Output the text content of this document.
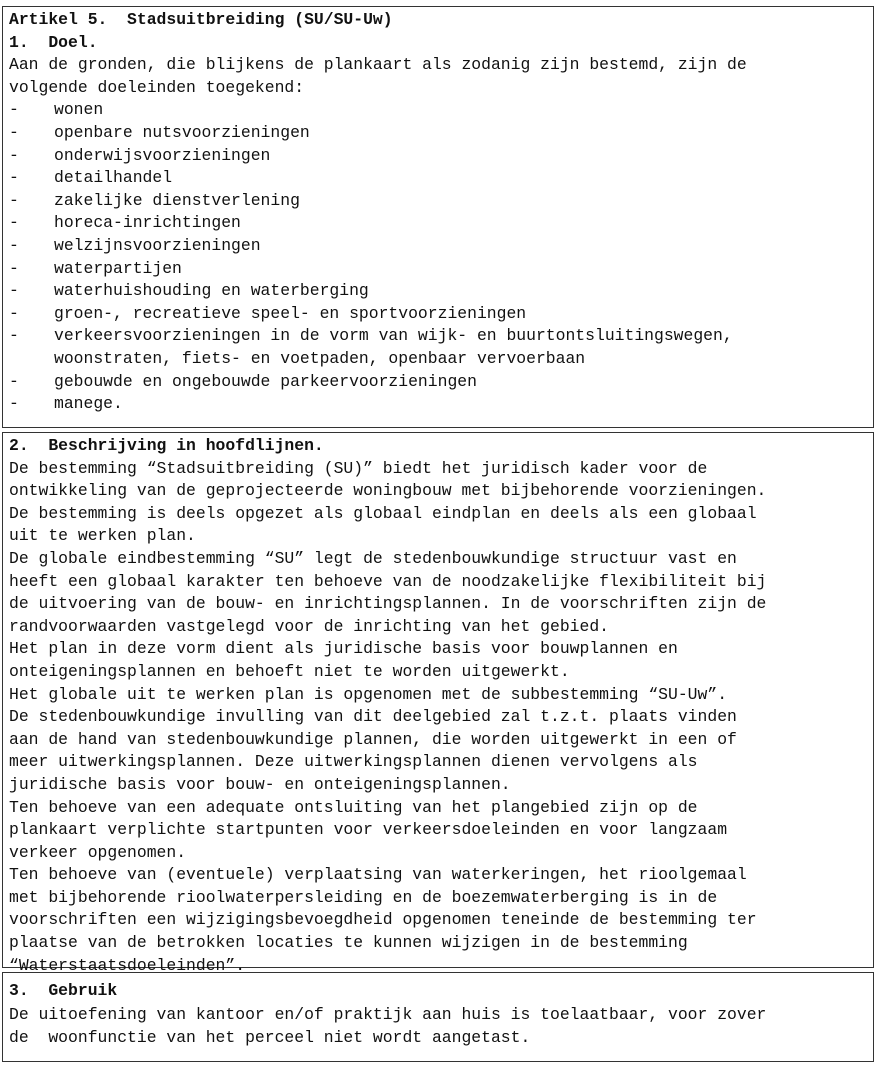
Artikel 5.  Stadsuitbreiding (SU/SU-Uw)
1.  Doel.
Aan de gronden, die blijkens de plankaart als zodanig zijn bestemd, zijn de
volgende doeleinden toegekend:
- wonen
- openbare nutsvoorzieningen
- onderwijsvoorzieningen
- detailhandel
- zakelijke dienstverlening
- horeca-inrichtingen
- welzijnsvoorzieningen
- waterpartijen
- waterhuishouding en waterberging
- groen-, recreatieve speel- en sportvoorzieningen
- verkeersvoorzieningen in de vorm van wijk- en buurtontsluitingswegen,
woonstraten, fiets- en voetpaden, openbaar vervoerbaan
- gebouwde en ongebouwde parkeervoorzieningen
- manege.
2.  Beschrijving in hoofdlijnen.
De bestemming “Stadsuitbreiding (SU)” biedt het juridisch kader voor de
ontwikkeling van de geprojecteerde woningbouw met bijbehorende voorzieningen.
De bestemming is deels opgezet als globaal eindplan en deels als een globaal
uit te werken plan.
De globale eindbestemming “SU” legt de stedenbouwkundige structuur vast en
heeft een globaal karakter ten behoeve van de noodzakelijke flexibiliteit bij
de uitvoering van de bouw- en inrichtingsplannen. In de voorschriften zijn de
randvoorwaarden vastgelegd voor de inrichting van het gebied.
Het plan in deze vorm dient als juridische basis voor bouwplannen en
onteigeningsplannen en behoeft niet te worden uitgewerkt.
Het globale uit te werken plan is opgenomen met de subbestemming “SU-Uw”.
De stedenbouwkundige invulling van dit deelgebied zal t.z.t. plaats vinden
aan de hand van stedenbouwkundige plannen, die worden uitgewerkt in een of
meer uitwerkingsplannen. Deze uitwerkingsplannen dienen vervolgens als
juridische basis voor bouw- en onteigeningsplannen.
Ten behoeve van een adequate ontsluiting van het plangebied zijn op de
plankaart verplichte startpunten voor verkeersdoeleinden en voor langzaam
verkeer opgenomen.
Ten behoeve van (eventuele) verplaatsing van waterkeringen, het rioolgemaal
met bijbehorende rioolwaterpersleiding en de boezemwaterberging is in de
voorschriften een wijzigingsbevoegdheid opgenomen teneinde de bestemming ter
plaatse van de betrokken locaties te kunnen wijzigen in de bestemming
“Waterstaatsdoeleinden”.
3.  Gebruik
De uitoefening van kantoor en/of praktijk aan huis is toelaatbaar, voor zover
de  woonfunctie van het perceel niet wordt aangetast.
